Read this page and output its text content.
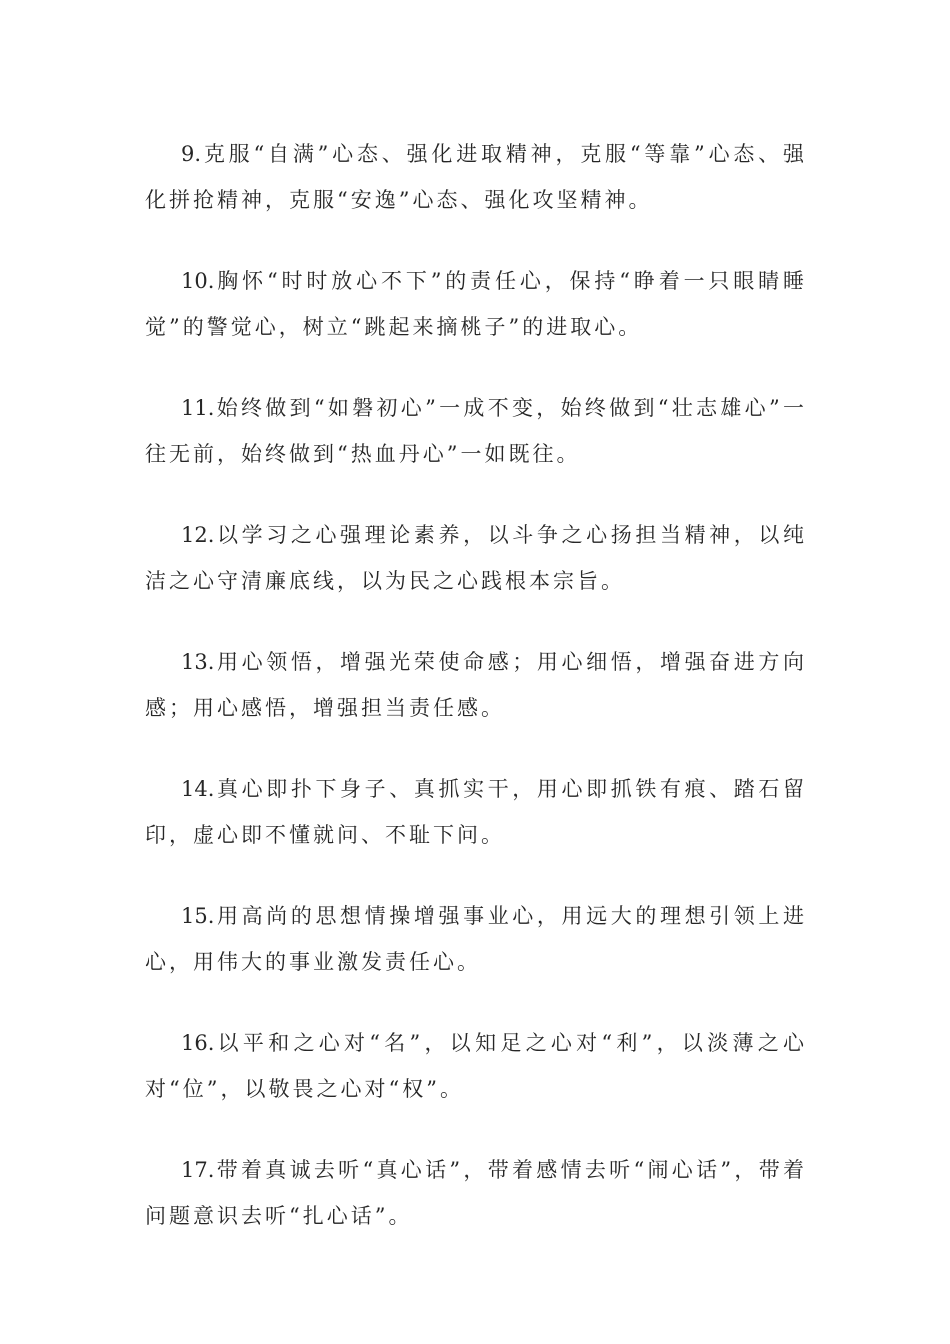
9.克服“自满”心态、强化进取精神，克服“等靠”心态、强化拼抢精神，克服“安逸”心态、强化攻坚精神。

10.胸怀“时时放心不下”的责任心，保持“睁着一只眼睛睡觉”的警觉心，树立“跳起来摘桃子”的进取心。

11.始终做到“如磐初心”一成不变，始终做到“壮志雄心”一往无前，始终做到“热血丹心”一如既往。

12.以学习之心强理论素养，以斗争之心扬担当精神，以纯洁之心守清廉底线，以为民之心践根本宗旨。

13.用心领悟，增强光荣使命感；用心细悟，增强奋进方向感；用心感悟，增强担当责任感。

14.真心即扑下身子、真抓实干，用心即抓铁有痕、踏石留印，虚心即不懂就问、不耻下问。

15.用高尚的思想情操增强事业心，用远大的理想引领上进心，用伟大的事业激发责任心。

16.以平和之心对“名”，以知足之心对“利”，以淡薄之心对“位”，以敬畏之心对“权”。

17.带着真诚去听“真心话”，带着感情去听“闹心话”，带着问题意识去听“扎心话”。
